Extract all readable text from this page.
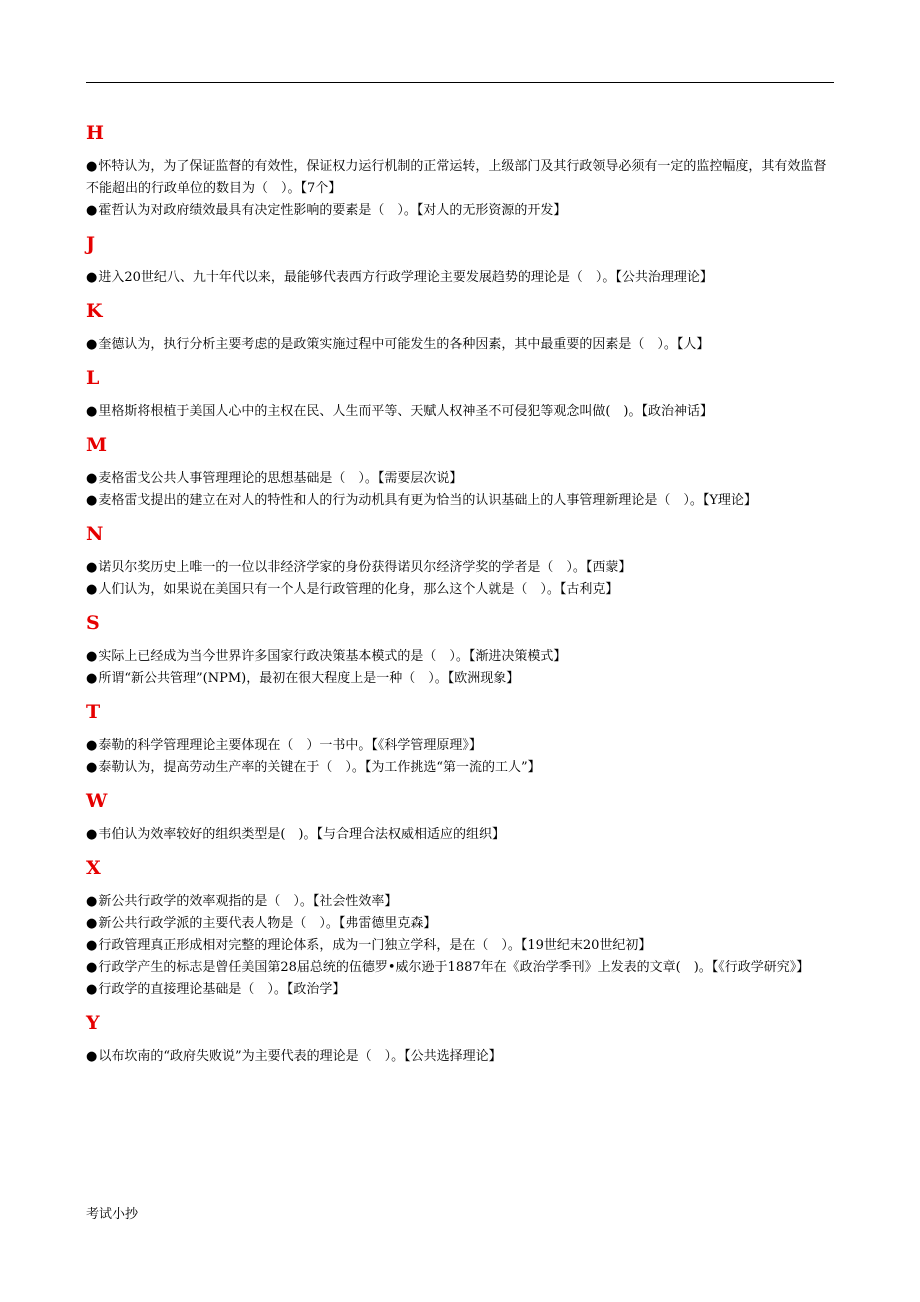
H
●怀特认为，为了保证监督的有效性，保证权力运行机制的正常运转，上级部门及其行政领导必须有一定的监控幅度，其有效监督不能超出的行政单位的数目为（　）。【7个】
●霍哲认为对政府绩效最具有决定性影响的要素是（　）。【对人的无形资源的开发】
J
●进入20世纪八、九十年代以来，最能够代表西方行政学理论主要发展趋势的理论是（　）。【公共治理理论】
K
●奎德认为，执行分析主要考虑的是政策实施过程中可能发生的各种因素，其中最重要的因素是（　）。【人】
L
●里格斯将根植于美国人心中的主权在民、人生而平等、天赋人权神圣不可侵犯等观念叫做(　)。【政治神话】
M
●麦格雷戈公共人事管理理论的思想基础是（　）。【需要层次说】
●麦格雷戈提出的建立在对人的特性和人的行为动机具有更为恰当的认识基础上的人事管理新理论是（　）。【Y理论】
N
●诺贝尔奖历史上唯一的一位以非经济学家的身份获得诺贝尔经济学奖的学者是（　）。【西蒙】
●人们认为，如果说在美国只有一个人是行政管理的化身，那么这个人就是（　）。【古利克】
S
●实际上已经成为当今世界许多国家行政决策基本模式的是（　）。【渐进决策模式】
●所谓“新公共管理”(NPM)，最初在很大程度上是一种（　）。【欧洲现象】
T
●泰勒的科学管理理论主要体现在（　）一书中。【《科学管理原理》】
●泰勒认为，提高劳动生产率的关键在于（　）。【为工作挑选“第一流的工人”】
W
●韦伯认为效率较好的组织类型是(　)。【与合理合法权威相适应的组织】
X
●新公共行政学的效率观指的是（　）。【社会性效率】
●新公共行政学派的主要代表人物是（　）。【弗雷德里克森】
●行政管理真正形成相对完整的理论体系，成为一门独立学科，是在（　）。【19世纪末20世纪初】
●行政学产生的标志是曾任美国第28届总统的伍德罗•威尔逊于1887年在《政治学季刊》上发表的文章(　)。【《行政学研究》】
●行政学的直接理论基础是（　）。【政治学】
Y
●以布坎南的“政府失败说”为主要代表的理论是（　）。【公共选择理论】
考试小抄
